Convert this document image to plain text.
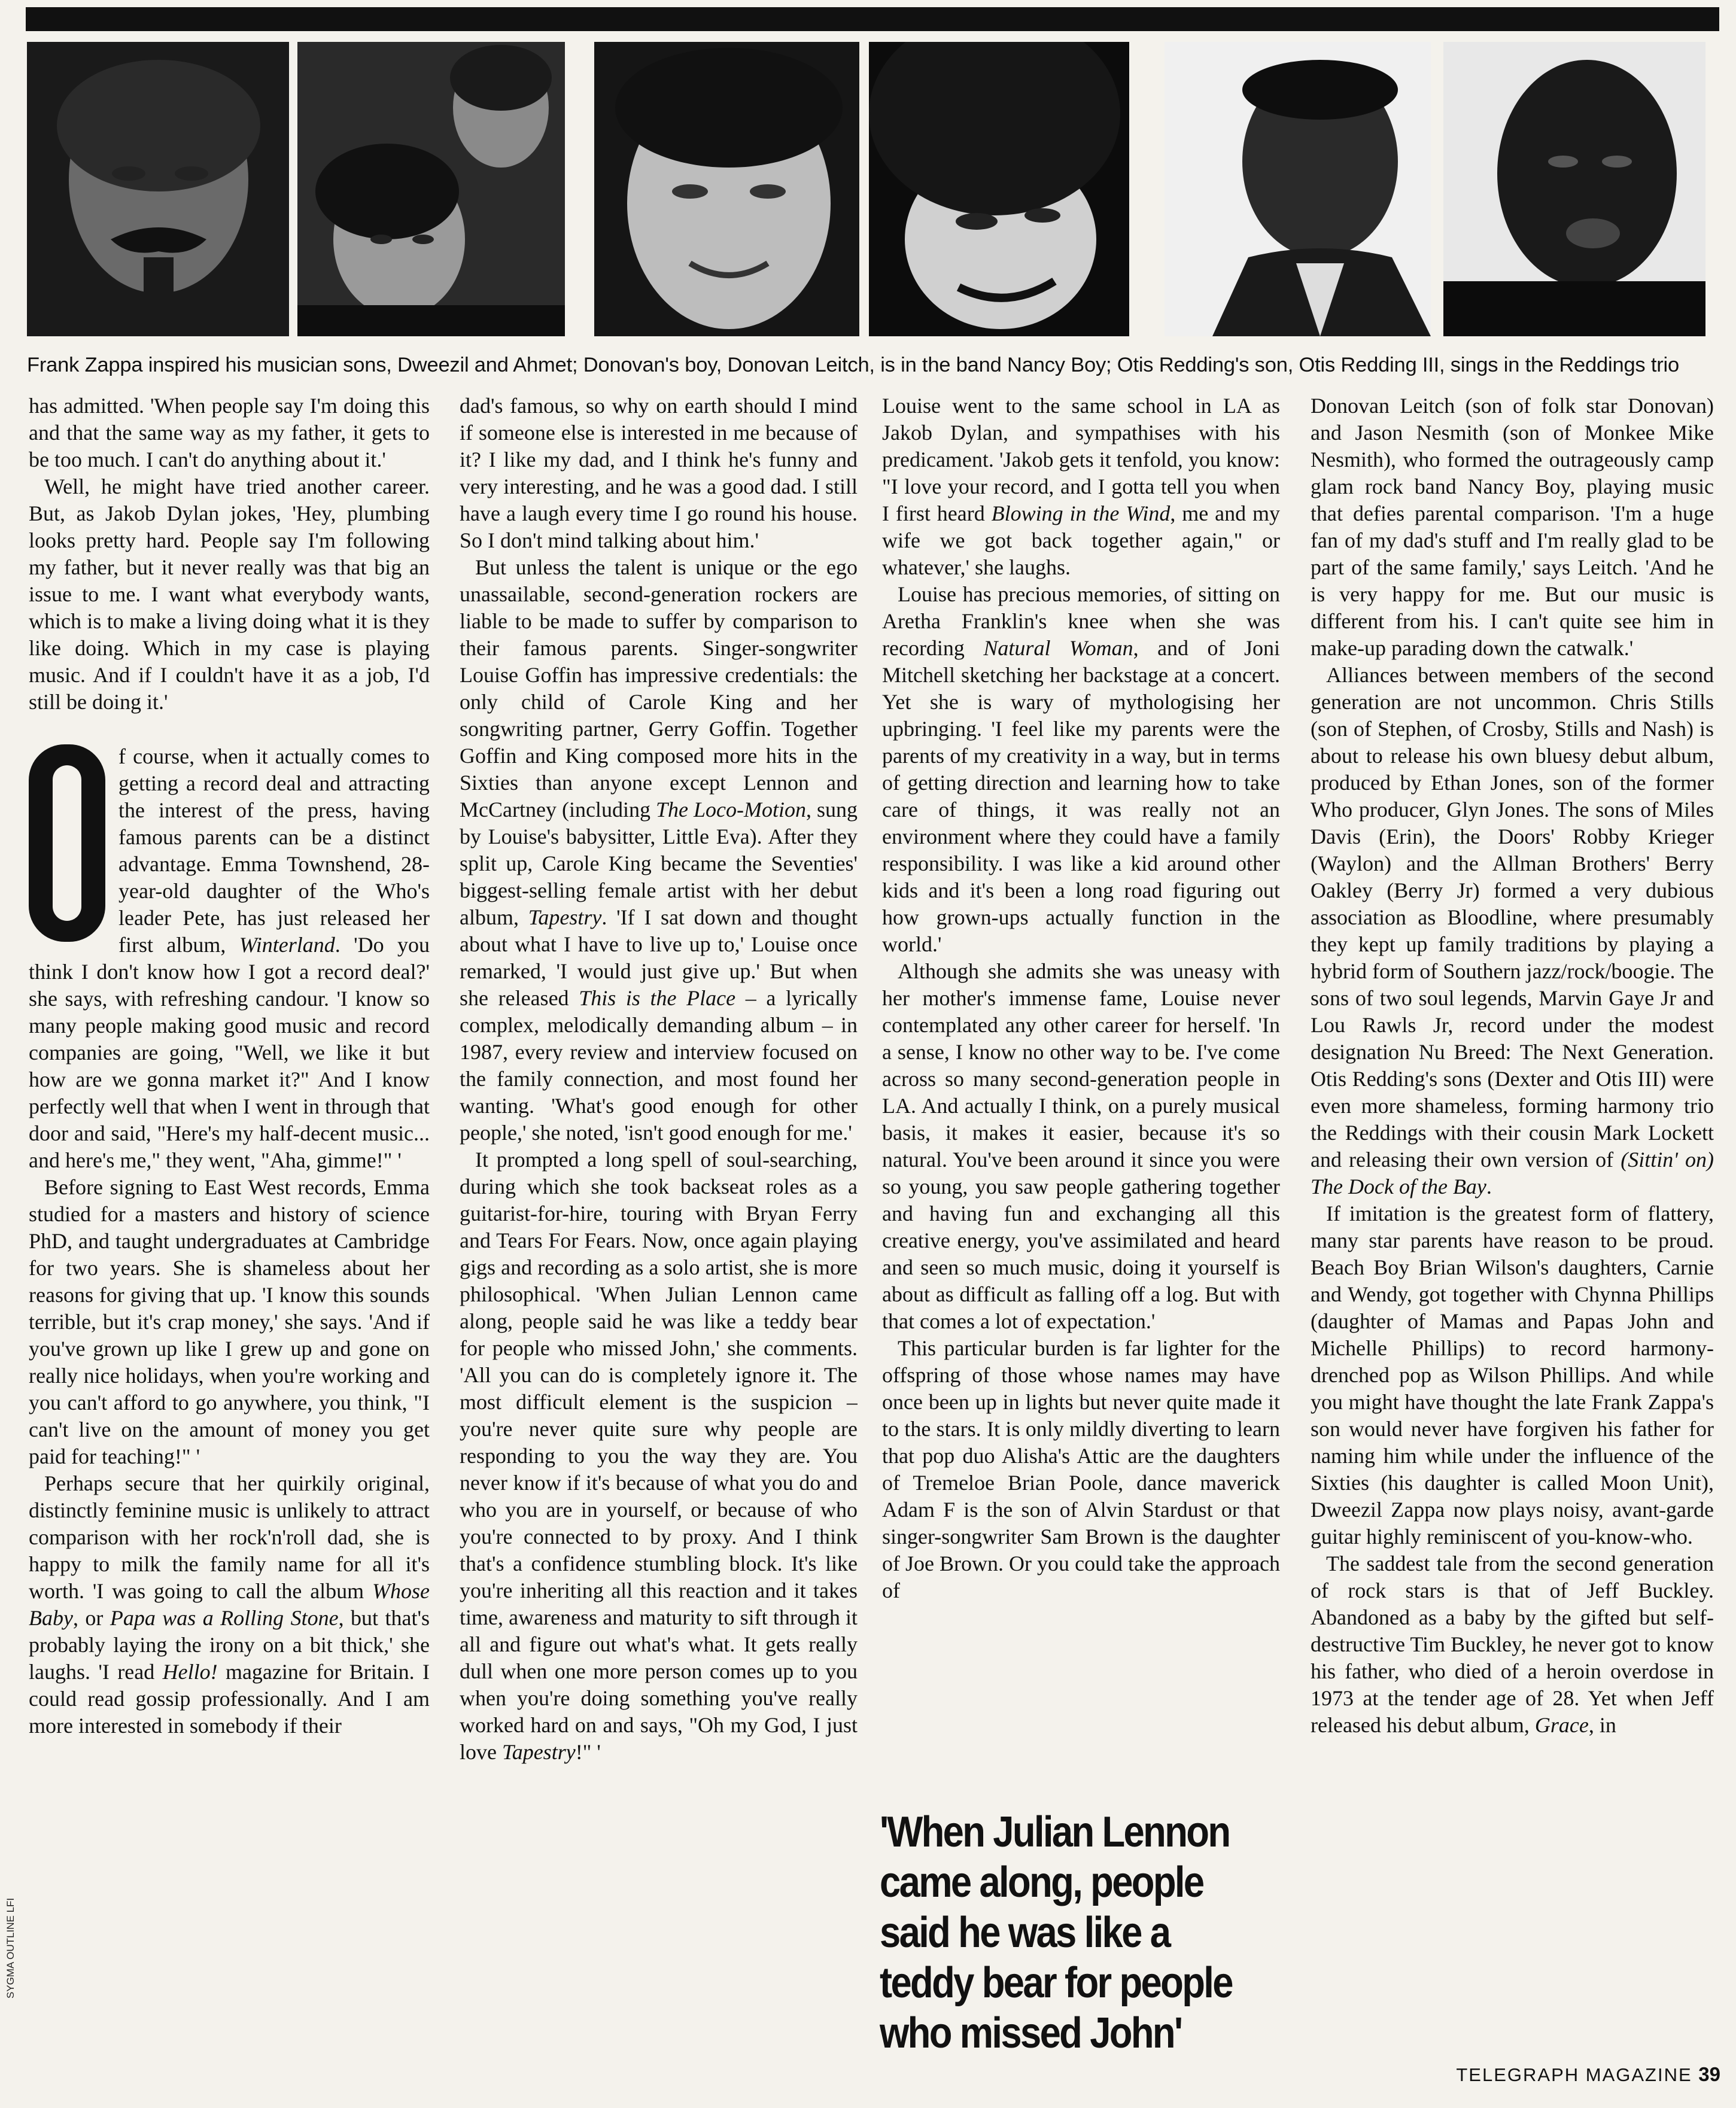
Frank Zappa inspired his musician sons, Dweezil and Ahmet; Donovan's boy, Donovan Leitch, is in the band Nancy Boy; Otis Redding's son, Otis Redding III, sings in the Reddings trio

has admitted. 'When people say I'm doing this and that the same way as my father, it gets to be too much. I can't do anything about it.'

Well, he might have tried another career. But, as Jakob Dylan jokes, 'Hey, plumbing looks pretty hard. People say I'm following my father, but it never really was that big an issue to me. I want what everybody wants, which is to make a living doing what it is they like doing. Which in my case is playing music. And if I couldn't have it as a job, I'd still be doing it.'

f course, when it actually comes to getting a record deal and attracting the interest of the press, having famous parents can be a distinct advantage. Emma Townshend, 28-year-old daughter of the Who's leader Pete, has just released her first album, Winterland. 'Do you think I don't know how I got a record deal?' she says, with refreshing candour. 'I know so many people making good music and record companies are going, "Well, we like it but how are we gonna market it?" And I know perfectly well that when I went in through that door and said, "Here's my half-decent music... and here's me," they went, "Aha, gimme!" '

Before signing to East West records, Emma studied for a masters and history of science PhD, and taught undergraduates at Cambridge for two years. She is shameless about her reasons for giving that up. 'I know this sounds terrible, but it's crap money,' she says. 'And if you've grown up like I grew up and gone on really nice holidays, when you're working and you can't afford to go anywhere, you think, "I can't live on the amount of money you get paid for teaching!" '

Perhaps secure that her quirkily original, distinctly feminine music is unlikely to attract comparison with her rock'n'roll dad, she is happy to milk the family name for all it's worth. 'I was going to call the album Whose Baby, or Papa was a Rolling Stone, but that's probably laying the irony on a bit thick,' she laughs. 'I read Hello! magazine for Britain. I could read gossip professionally. And I am more interested in somebody if their

dad's famous, so why on earth should I mind if someone else is interested in me because of it? I like my dad, and I think he's funny and very interesting, and he was a good dad. I still have a laugh every time I go round his house. So I don't mind talking about him.'

But unless the talent is unique or the ego unassailable, second-generation rockers are liable to be made to suffer by comparison to their famous parents. Singer-songwriter Louise Goffin has impressive credentials: the only child of Carole King and her songwriting partner, Gerry Goffin. Together Goffin and King composed more hits in the Sixties than anyone except Lennon and McCartney (including The Loco-Motion, sung by Louise's babysitter, Little Eva). After they split up, Carole King became the Seventies' biggest-selling female artist with her debut album, Tapestry. 'If I sat down and thought about what I have to live up to,' Louise once remarked, 'I would just give up.' But when she released This is the Place – a lyrically complex, melodically demanding album – in 1987, every review and interview focused on the family connection, and most found her wanting. 'What's good enough for other people,' she noted, 'isn't good enough for me.'

It prompted a long spell of soul-searching, during which she took backseat roles as a guitarist-for-hire, touring with Bryan Ferry and Tears For Fears. Now, once again playing gigs and recording as a solo artist, she is more philosophical. 'When Julian Lennon came along, people said he was like a teddy bear for people who missed John,' she comments. 'All you can do is completely ignore it. The most difficult element is the suspicion – you're never quite sure why people are responding to you the way they are. You never know if it's because of what you do and who you are in yourself, or because of who you're connected to by proxy. And I think that's a confidence stumbling block. It's like you're inheriting all this reaction and it takes time, awareness and maturity to sift through it all and figure out what's what. It gets really dull when one more person comes up to you when you're doing something you've really worked hard on and says, "Oh my God, I just love Tapestry!" '

Louise went to the same school in LA as Jakob Dylan, and sympathises with his predicament. 'Jakob gets it tenfold, you know: "I love your record, and I gotta tell you when I first heard Blowing in the Wind, me and my wife we got back together again," or whatever,' she laughs.

Louise has precious memories, of sitting on Aretha Franklin's knee when she was recording Natural Woman, and of Joni Mitchell sketching her backstage at a concert. Yet she is wary of mythologising her upbringing. 'I feel like my parents were the parents of my creativity in a way, but in terms of getting direction and learning how to take care of things, it was really not an environment where they could have a family responsibility. I was like a kid around other kids and it's been a long road figuring out how grown-ups actually function in the world.'

Although she admits she was uneasy with her mother's immense fame, Louise never contemplated any other career for herself. 'In a sense, I know no other way to be. I've come across so many second-generation people in LA. And actually I think, on a purely musical basis, it makes it easier, because it's so natural. You've been around it since you were so young, you saw people gathering together and having fun and exchanging all this creative energy, you've assimilated and heard and seen so much music, doing it yourself is about as difficult as falling off a log. But with that comes a lot of expectation.'

This particular burden is far lighter for the offspring of those whose names may have once been up in lights but never quite made it to the stars. It is only mildly diverting to learn that pop duo Alisha's Attic are the daughters of Tremeloe Brian Poole, dance maverick Adam F is the son of Alvin Stardust or that singer-songwriter Sam Brown is the daughter of Joe Brown. Or you could take the approach of

'When Julian Lennon came along, people said he was like a teddy bear for people who missed John'

Donovan Leitch (son of folk star Donovan) and Jason Nesmith (son of Monkee Mike Nesmith), who formed the outrageously camp glam rock band Nancy Boy, playing music that defies parental comparison. 'I'm a huge fan of my dad's stuff and I'm really glad to be part of the same family,' says Leitch. 'And he is very happy for me. But our music is different from his. I can't quite see him in make-up parading down the catwalk.'

Alliances between members of the second generation are not uncommon. Chris Stills (son of Stephen, of Crosby, Stills and Nash) is about to release his own bluesy debut album, produced by Ethan Jones, son of the former Who producer, Glyn Jones. The sons of Miles Davis (Erin), the Doors' Robby Krieger (Waylon) and the Allman Brothers' Berry Oakley (Berry Jr) formed a very dubious association as Bloodline, where presumably they kept up family traditions by playing a hybrid form of Southern jazz/rock/boogie. The sons of two soul legends, Marvin Gaye Jr and Lou Rawls Jr, record under the modest designation Nu Breed: The Next Generation. Otis Redding's sons (Dexter and Otis III) were even more shameless, forming harmony trio the Reddings with their cousin Mark Lockett and releasing their own version of (Sittin' on) The Dock of the Bay.

If imitation is the greatest form of flattery, many star parents have reason to be proud. Beach Boy Brian Wilson's daughters, Carnie and Wendy, got together with Chynna Phillips (daughter of Mamas and Papas John and Michelle Phillips) to record harmony-drenched pop as Wilson Phillips. And while you might have thought the late Frank Zappa's son would never have forgiven his father for naming him while under the influence of the Sixties (his daughter is called Moon Unit), Dweezil Zappa now plays noisy, avant-garde guitar highly reminiscent of you-know-who.

The saddest tale from the second generation of rock stars is that of Jeff Buckley. Abandoned as a baby by the gifted but self-destructive Tim Buckley, he never got to know his father, who died of a heroin overdose in 1973 at the tender age of 28. Yet when Jeff released his debut album, Grace, in

SYGMA OUTLINE LFI
TELEGRAPH MAGAZINE 39
